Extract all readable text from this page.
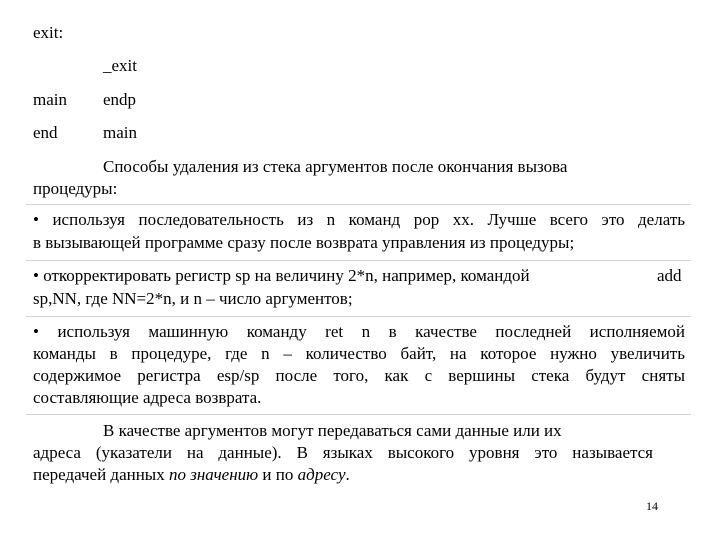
exit:
_exit
main endp
end	main
Способы удаления из стека аргументов после окончания вызова
процедуры:
• используя последовательность из n команд pop xx. Лучше всего это делать
в вызывающей программе сразу после возврата управления из процедуры;
• откорректировать регистр sp на величину 2*n, например, командой	add
sp,NN, где NN=2*n, и n – число аргументов;
• используя машинную команду ret n в качестве последней исполняемой
команды в процедуре, где n – количество байт, на которое нужно увеличить
содержимое регистра esp/sp после того, как с вершины стека будут сняты
составляющие адреса возврата.
В качестве аргументов могут передаваться сами данные или их
адреса (указатели на данные). В языках высокого уровня это называется
передачей данных по значению и по адресу.
14
